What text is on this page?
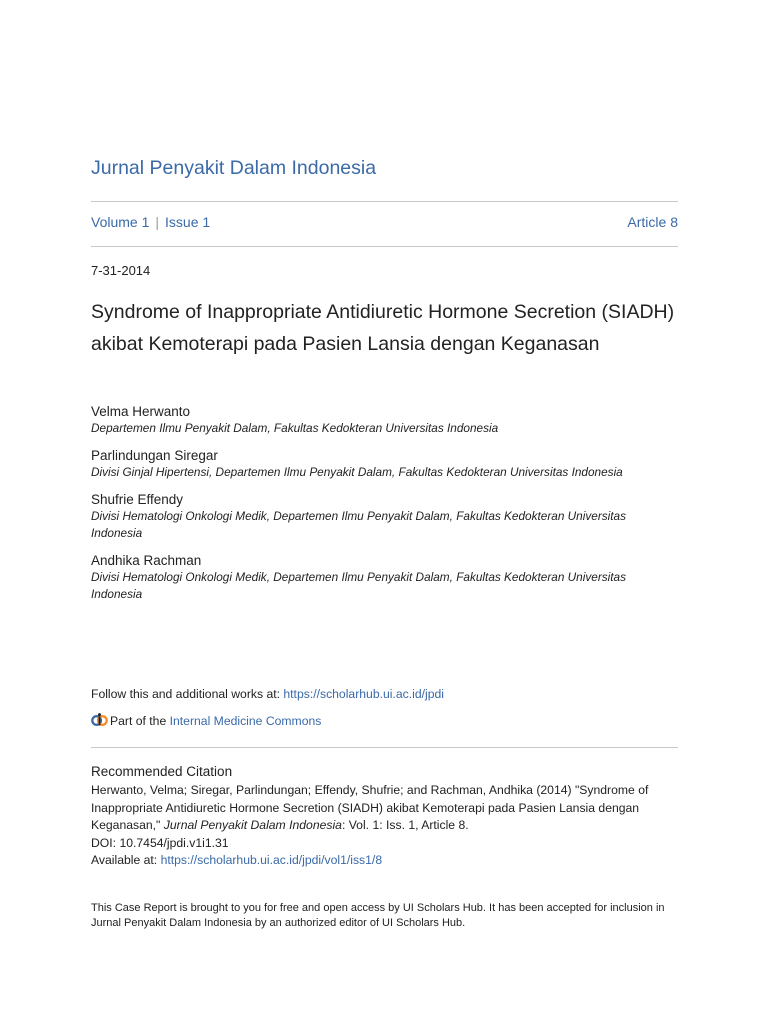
Jurnal Penyakit Dalam Indonesia
Volume 1 | Issue 1	Article 8
7-31-2014
Syndrome of Inappropriate Antidiuretic Hormone Secretion (SIADH) akibat Kemoterapi pada Pasien Lansia dengan Keganasan
Velma Herwanto
Departemen Ilmu Penyakit Dalam, Fakultas Kedokteran Universitas Indonesia
Parlindungan Siregar
Divisi Ginjal Hipertensi, Departemen Ilmu Penyakit Dalam, Fakultas Kedokteran Universitas Indonesia
Shufrie Effendy
Divisi Hematologi Onkologi Medik, Departemen Ilmu Penyakit Dalam, Fakultas Kedokteran Universitas Indonesia
Andhika Rachman
Divisi Hematologi Onkologi Medik, Departemen Ilmu Penyakit Dalam, Fakultas Kedokteran Universitas Indonesia
Follow this and additional works at: https://scholarhub.ui.ac.id/jpdi
Part of the Internal Medicine Commons
Recommended Citation
Herwanto, Velma; Siregar, Parlindungan; Effendy, Shufrie; and Rachman, Andhika (2014) "Syndrome of Inappropriate Antidiuretic Hormone Secretion (SIADH) akibat Kemoterapi pada Pasien Lansia dengan Keganasan," Jurnal Penyakit Dalam Indonesia: Vol. 1: Iss. 1, Article 8.
DOI: 10.7454/jpdi.v1i1.31
Available at: https://scholarhub.ui.ac.id/jpdi/vol1/iss1/8
This Case Report is brought to you for free and open access by UI Scholars Hub. It has been accepted for inclusion in Jurnal Penyakit Dalam Indonesia by an authorized editor of UI Scholars Hub.
